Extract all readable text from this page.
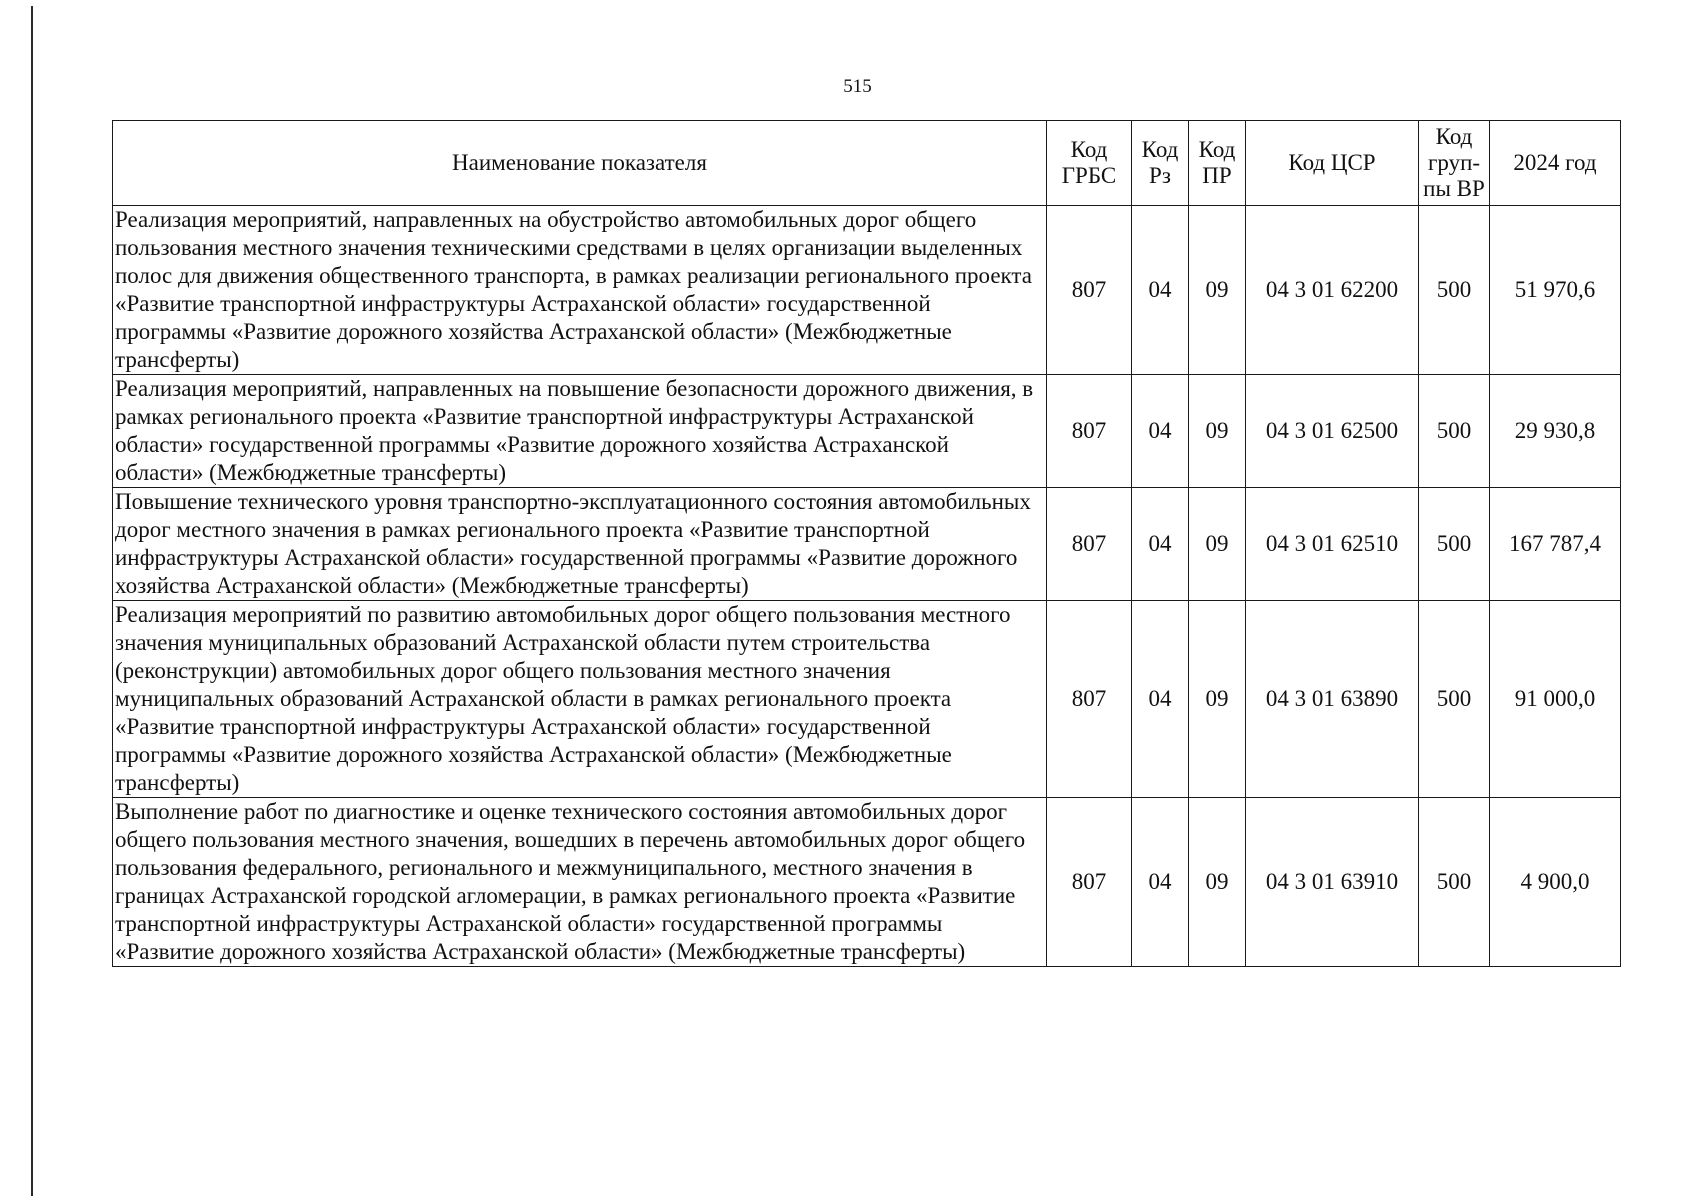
515
Наименование показателя	Код ГРБС	Код Рз	Код ПР	Код ЦСР	Код груп-пы ВР	2024 год
Реализация мероприятий, направленных на обустройство автомобильных дорог общего пользования местного значения техническими средствами в целях организации выделенных полос для движения общественного транспорта, в рамках реализации регионального проекта «Развитие транспортной инфраструктуры Астраханской области» государственной программы «Развитие дорожного хозяйства Астраханской области» (Межбюджетные трансферты)	807	04	09	04 3 01 62200	500	51 970,6
Реализация мероприятий, направленных на повышение безопасности дорожного движения, в рамках регионального проекта «Развитие транспортной инфраструктуры Астраханской области» государственной программы «Развитие дорожного хозяйства Астраханской области» (Межбюджетные трансферты)	807	04	09	04 3 01 62500	500	29 930,8
Повышение технического уровня транспортно-эксплуатационного состояния автомобильных дорог местного значения в рамках регионального проекта «Развитие транспортной инфраструктуры Астраханской области» государственной программы «Развитие дорожного хозяйства Астраханской области» (Межбюджетные трансферты)	807	04	09	04 3 01 62510	500	167 787,4
Реализация мероприятий по развитию автомобильных дорог общего пользования местного значения муниципальных образований Астраханской области путем строительства (реконструкции) автомобильных дорог общего пользования местного значения муниципальных образований Астраханской области в рамках регионального проекта «Развитие транспортной инфраструктуры Астраханской области» государственной программы «Развитие дорожного хозяйства Астраханской области» (Межбюджетные трансферты)	807	04	09	04 3 01 63890	500	91 000,0
Выполнение работ по диагностике и оценке технического состояния автомобильных дорог общего пользования местного значения, вошедших в перечень автомобильных дорог общего пользования федерального, регионального и межмуниципального, местного значения в границах Астраханской городской агломерации, в рамках регионального проекта «Развитие транспортной инфраструктуры Астраханской области» государственной программы «Развитие дорожного хозяйства Астраханской области» (Межбюджетные трансферты)	807	04	09	04 3 01 63910	500	4 900,0
